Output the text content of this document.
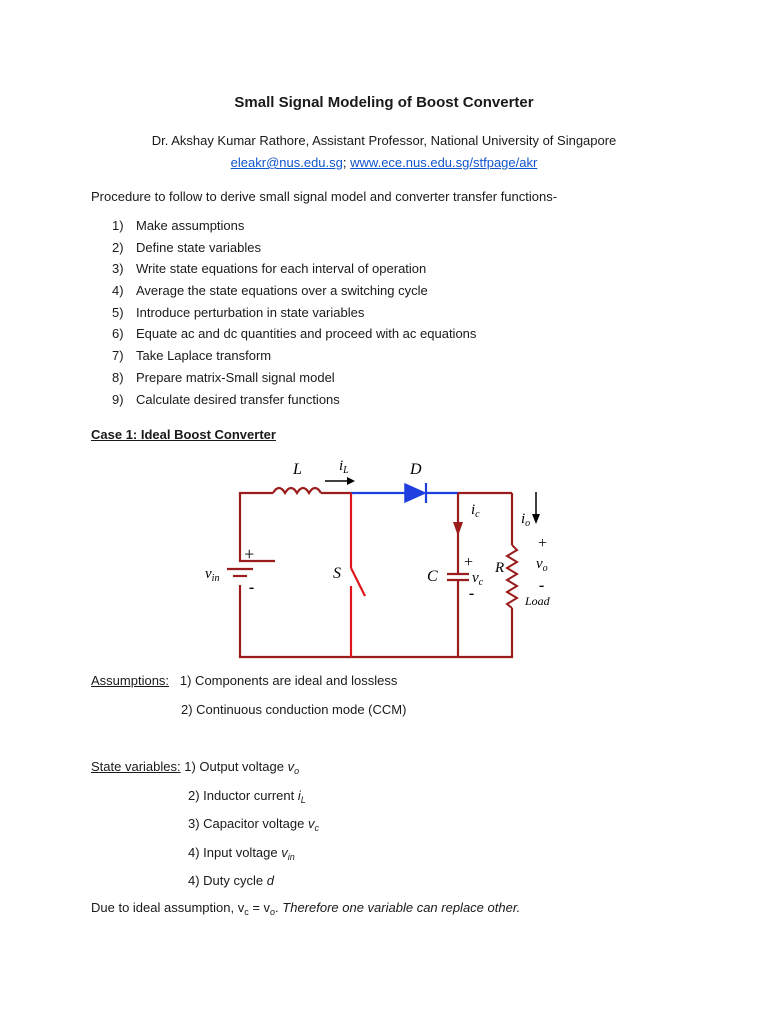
Small Signal Modeling of Boost Converter
Dr. Akshay Kumar Rathore, Assistant Professor, National University of Singapore
eleakr@nus.edu.sg; www.ece.nus.edu.sg/stfpage/akr
Procedure to follow to derive small signal model and converter transfer functions-
1) Make assumptions
2) Define state variables
3) Write state equations for each interval of operation
4) Average the state equations over a switching cycle
5) Introduce perturbation in state variables
6) Equate ac and dc quantities and proceed with ac equations
7) Take Laplace transform
8) Prepare matrix-Small signal model
9) Calculate desired transfer functions
Case 1: Ideal Boost Converter
L $i_L$	D
$i_c$	$i_o$
+
$v_o$
-
Load
R
C
+
$v_c$
-
S
$v_{in}$
+
-
Assumptions: 1) Components are ideal and lossless
2) Continuous conduction mode (CCM)
State variables: 1) Output voltage $v_o$
2) Inductor current $i_L$
3) Capacitor voltage $v_c$
4) Input voltage $v_{in}$
4) Duty cycle d
Due to ideal assumption, $v_c = v_o$. Therefore one variable can replace other.
